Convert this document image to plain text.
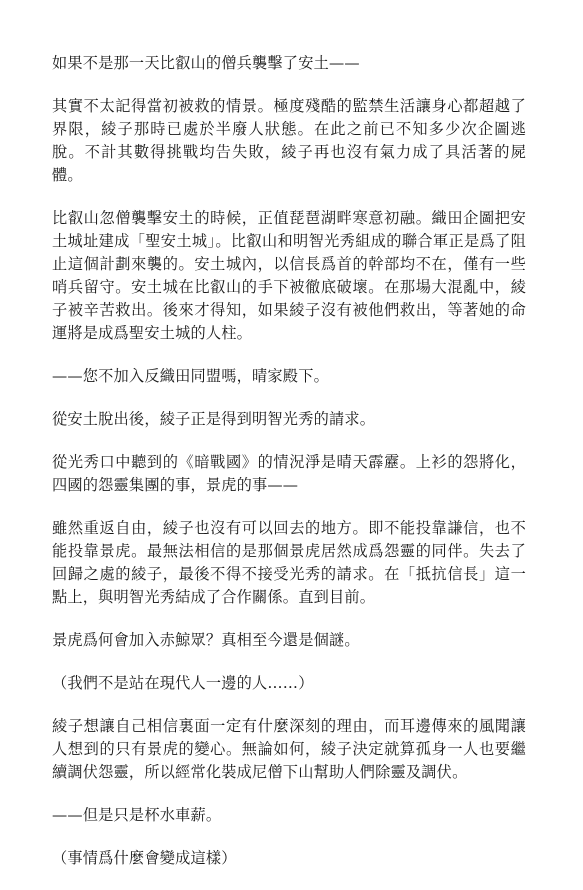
如果不是那一天比叡山的僧兵襲擊了安土——

其實不太記得當初被救的情景。極度殘酷的監禁生活讓身心都超越了界限，綾子那時已處於半廢人狀態。在此之前已不知多少次企圖逃脫。不計其數得挑戰均告失敗，綾子再也沒有氣力成了具活著的屍體。

比叡山忽僧襲擊安土的時候，正值琵琶湖畔寒意初融。織田企圖把安土城址建成「聖安土城」。比叡山和明智光秀組成的聯合軍正是爲了阻止這個計劃來襲的。安土城內，以信長爲首的幹部均不在，僅有一些哨兵留守。安土城在比叡山的手下被徹底破壞。在那場大混亂中，綾子被辛苦救出。後來才得知，如果綾子沒有被他們救出，等著她的命運將是成爲聖安土城的人柱。

——您不加入反織田同盟嗎，晴家殿下。

從安土脫出後，綾子正是得到明智光秀的請求。

從光秀口中聽到的《暗戰國》的情況淨是晴天霹靂。上衫的怨將化，四國的怨靈集團的事，景虎的事——

雖然重返自由，綾子也沒有可以回去的地方。即不能投靠謙信，也不能投靠景虎。最無法相信的是那個景虎居然成爲怨靈的同伴。失去了回歸之處的綾子，最後不得不接受光秀的請求。在「抵抗信長」這一點上，與明智光秀結成了合作關係。直到目前。

景虎爲何會加入赤鯨眾？真相至今還是個謎。

（我們不是站在現代人一邊的人……）

綾子想讓自己相信裏面一定有什麼深刻的理由，而耳邊傳來的風聞讓人想到的只有景虎的變心。無論如何，綾子決定就算孤身一人也要繼續調伏怨靈，所以經常化裝成尼僧下山幫助人們除靈及調伏。

——但是只是杯水車薪。

（事情爲什麼會變成這樣）
